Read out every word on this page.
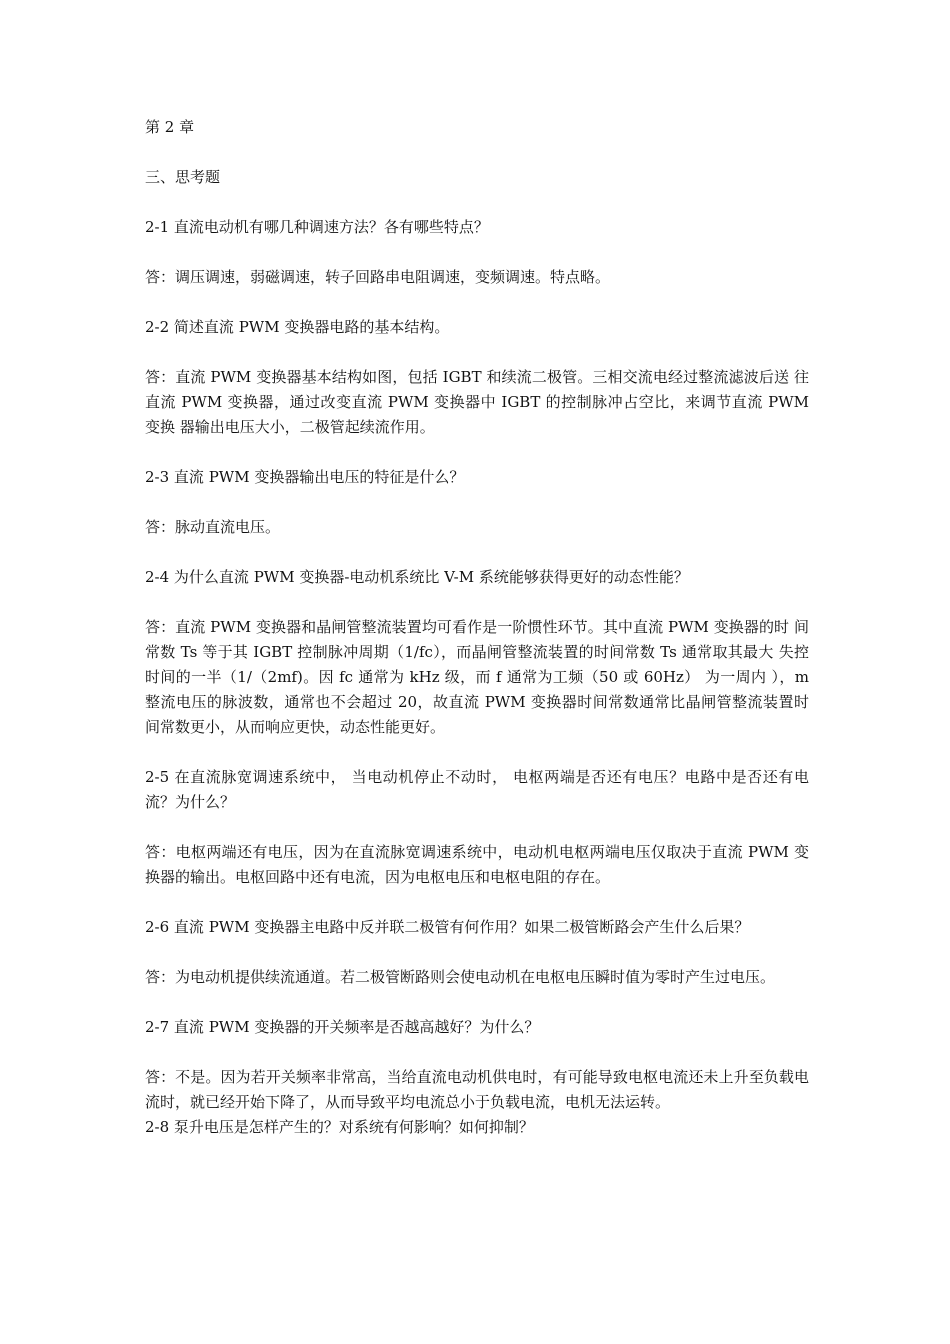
第 2 章

三、思考题

2-1 直流电动机有哪几种调速方法？各有哪些特点？

答：调压调速，弱磁调速，转子回路串电阻调速，变频调速。特点略。

2-2 简述直流 PWM 变换器电路的基本结构。

答：直流 PWM 变换器基本结构如图，包括 IGBT 和续流二极管。三相交流电经过整流滤波后送 往直流 PWM 变换器，通过改变直流 PWM 变换器中 IGBT 的控制脉冲占空比，来调节直流 PWM 变换 器输出电压大小，二极管起续流作用。

2-3 直流 PWM 变换器输出电压的特征是什么？

答：脉动直流电压。

2-4 为什么直流 PWM 变换器-电动机系统比 V-M 系统能够获得更好的动态性能？

答：直流 PWM 变换器和晶闸管整流装置均可看作是一阶惯性环节。其中直流 PWM 变换器的时 间常数 Ts 等于其 IGBT 控制脉冲周期（1/fc），而晶闸管整流装置的时间常数 Ts 通常取其最大 失控时间的一半（1/（2mf)。因 fc 通常为 kHz 级，而 f 通常为工频（50 或 60Hz） 为一周内 ），m 整流电压的脉波数，通常也不会超过 20，故直流 PWM 变换器时间常数通常比晶闸管整流装置时 间常数更小，从而响应更快，动态性能更好。

2-5 在直流脉宽调速系统中， 当电动机停止不动时， 电枢两端是否还有电压？电路中是否还有电 流？为什么？

答：电枢两端还有电压，因为在直流脉宽调速系统中，电动机电枢两端电压仅取决于直流 PWM 变换器的输出。电枢回路中还有电流，因为电枢电压和电枢电阻的存在。

2-6 直流 PWM 变换器主电路中反并联二极管有何作用？如果二极管断路会产生什么后果？

答：为电动机提供续流通道。若二极管断路则会使电动机在电枢电压瞬时值为零时产生过电压。

2-7 直流 PWM 变换器的开关频率是否越高越好？为什么？

答：不是。因为若开关频率非常高，当给直流电动机供电时，有可能导致电枢电流还未上升至负载电流时，就已经开始下降了，从而导致平均电流总小于负载电流，电机无法运转。

2-8 泵升电压是怎样产生的？对系统有何影响？如何抑制？
